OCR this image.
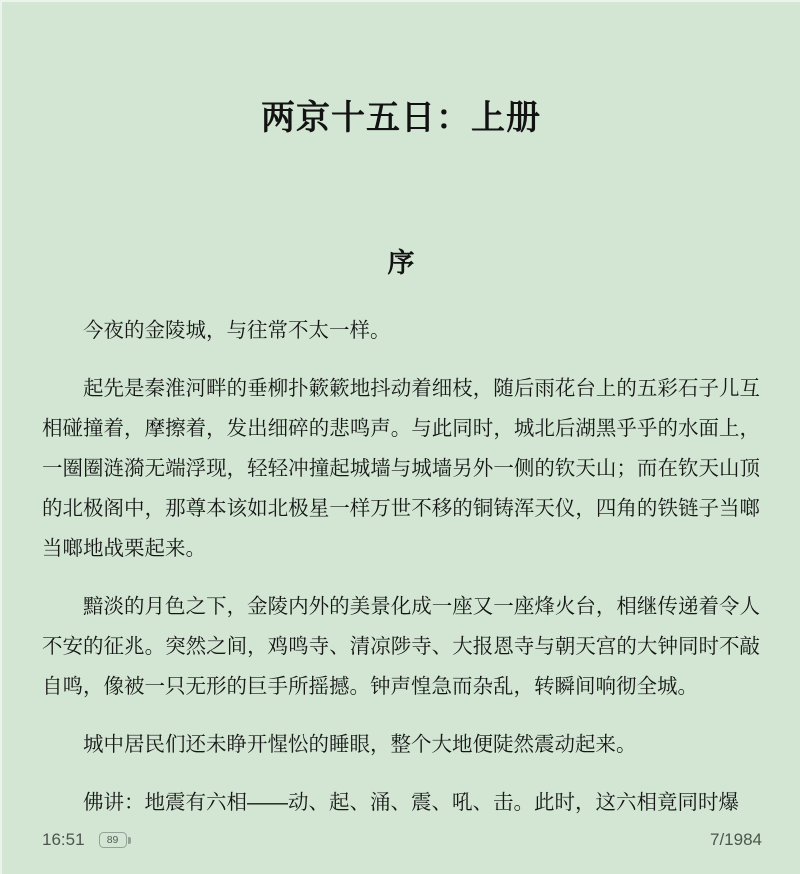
两京十五日：上册
序

今夜的金陵城，与往常不太一样。

起先是秦淮河畔的垂柳扑簌簌地抖动着细枝，随后雨花台上的五彩石子儿互相碰撞着，摩擦着，发出细碎的悲鸣声。与此同时，城北后湖黑乎乎的水面上，一圈圈涟漪无端浮现，轻轻冲撞起城墙与城墙另外一侧的钦天山；而在钦天山顶的北极阁中，那尊本该如北极星一样万世不移的铜铸浑天仪，四角的铁链子当啷当啷地战栗起来。

黯淡的月色之下，金陵内外的美景化成一座又一座烽火台，相继传递着令人不安的征兆。突然之间，鸡鸣寺、清凉陟寺、大报恩寺与朝天宫的大钟同时不敲自鸣，像被一只无形的巨手所摇撼。钟声惶急而杂乱，转瞬间响彻全城。

城中居民们还未睁开惺忪的睡眼，整个大地便陡然震动起来。

佛讲：地震有六相——动、起、涌、震、吼、击。此时，这六相竟同时爆

16:51 89	7/1984
